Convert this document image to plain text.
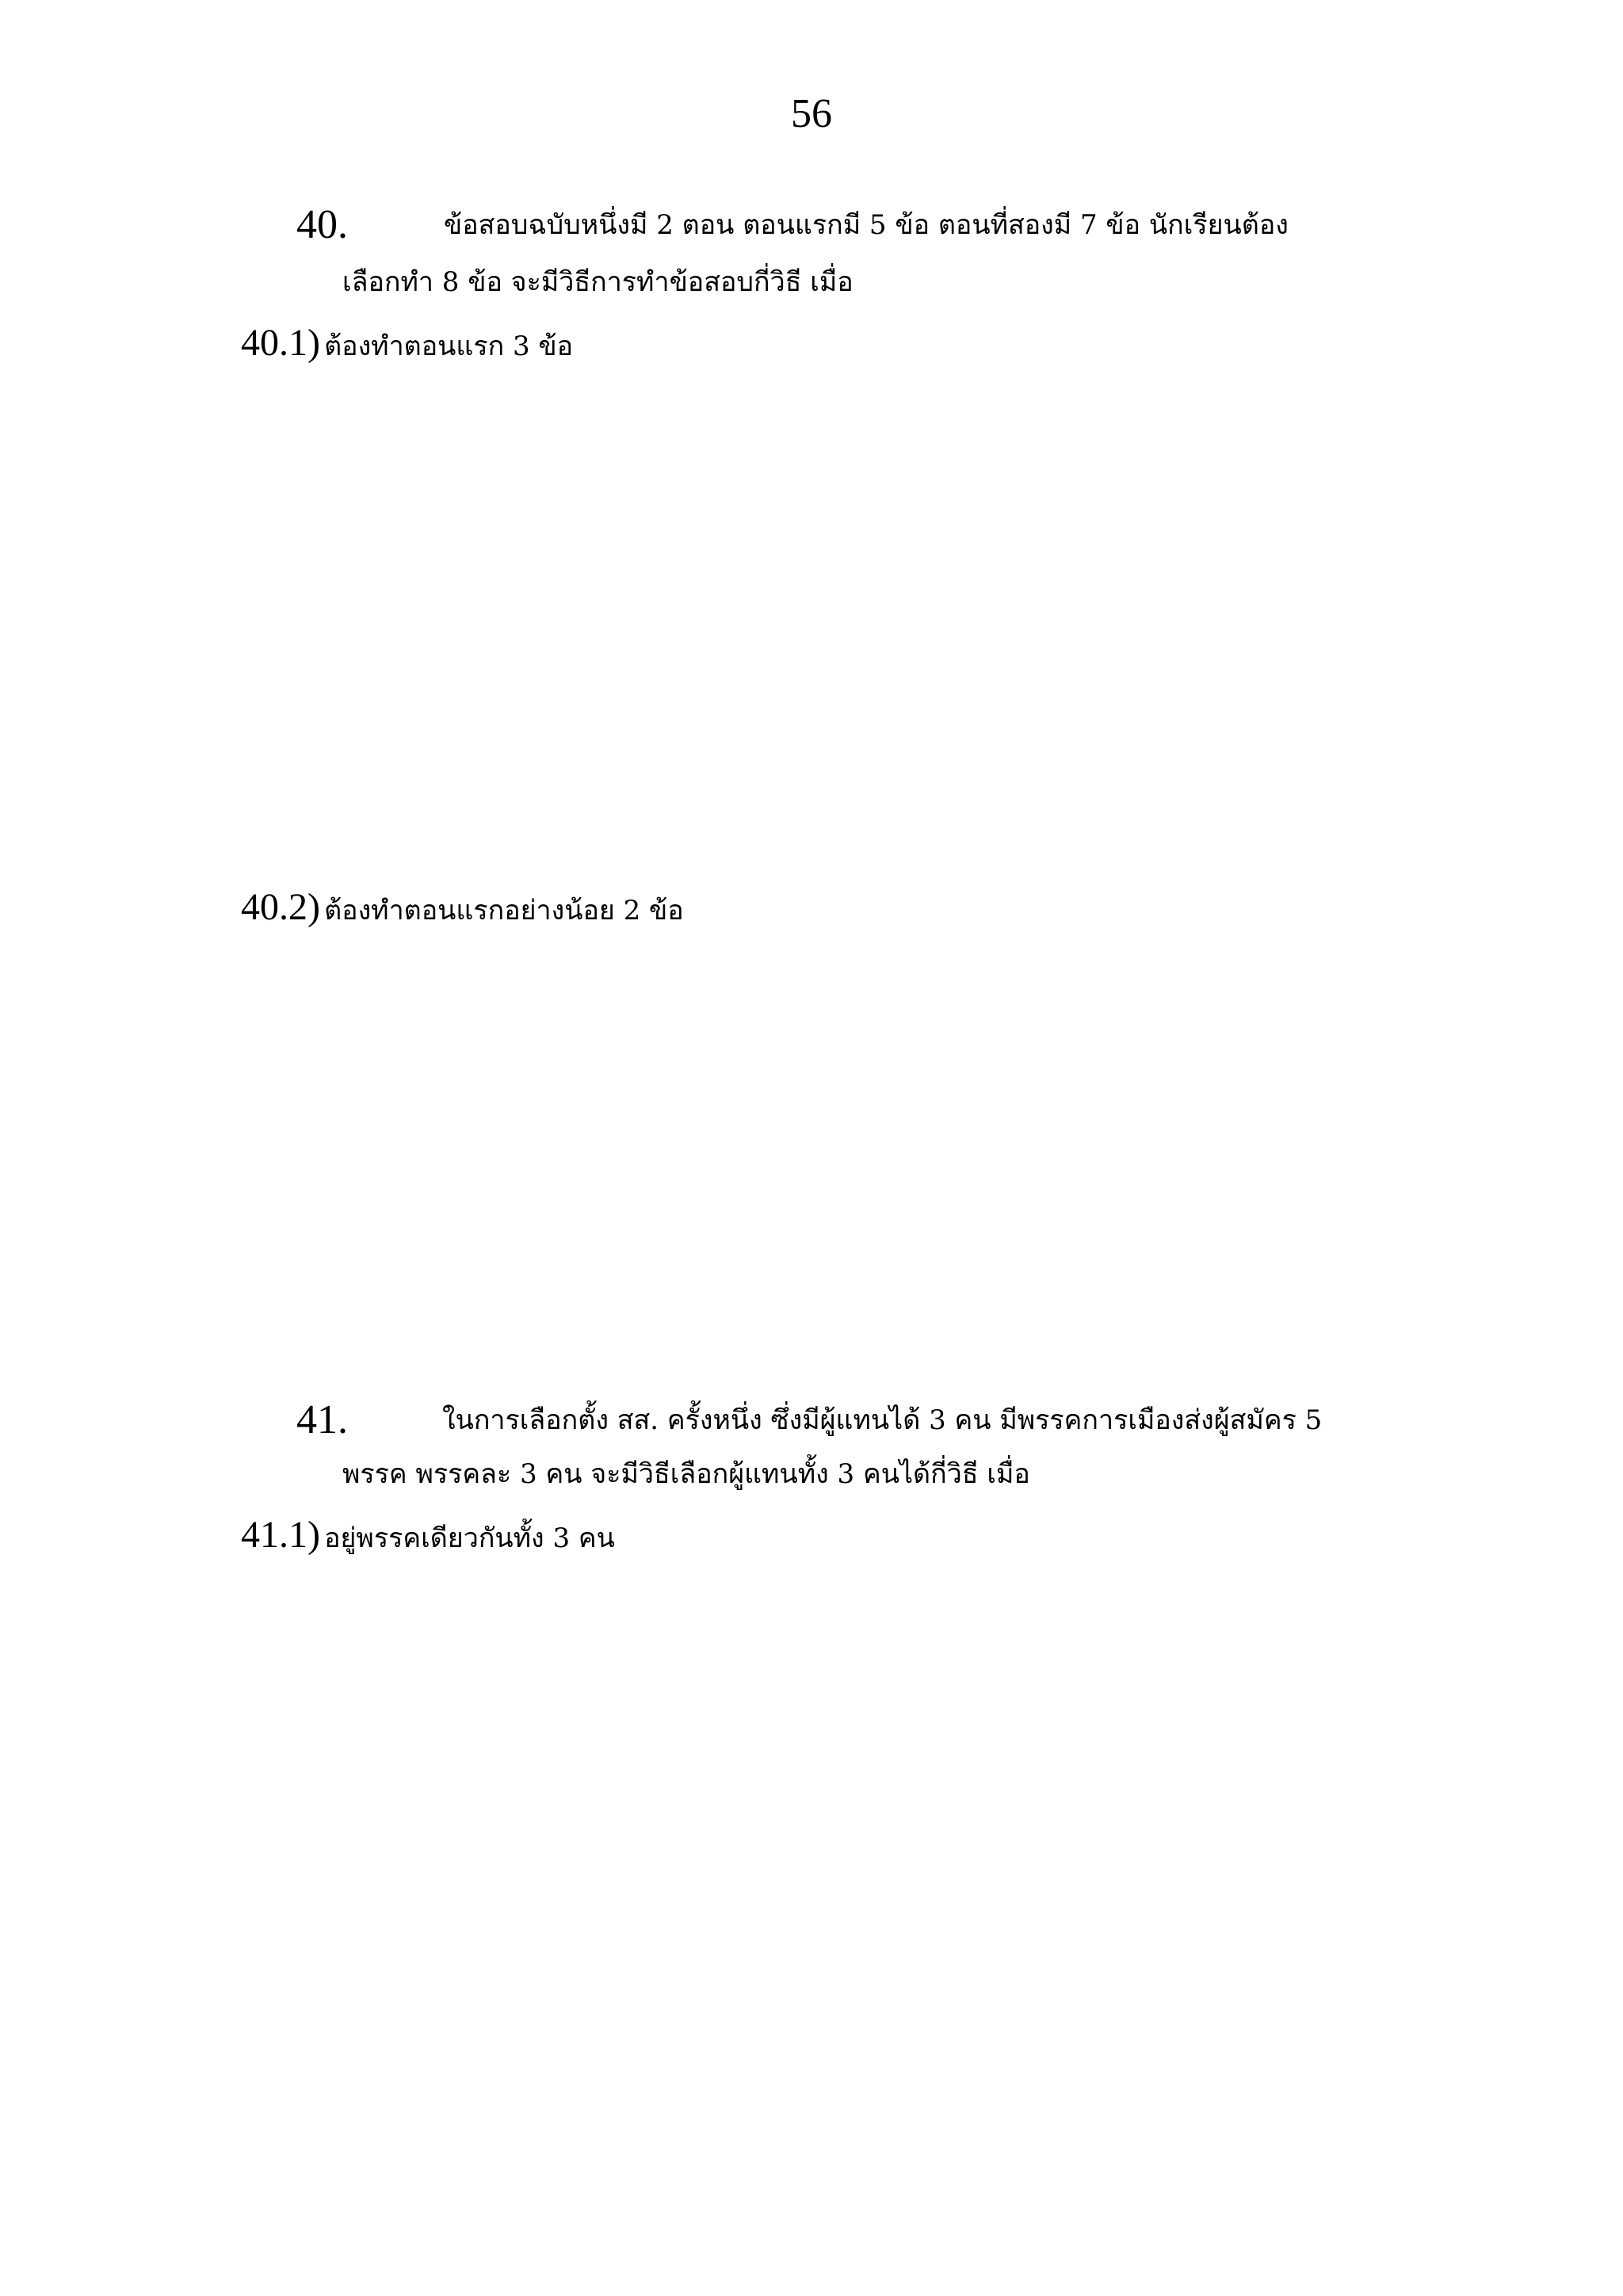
56
40.	ข้อสอบฉบับหนึ่งมี 2 ตอน ตอนแรกมี 5 ข้อ ตอนที่สองมี 7 ข้อ นักเรียนต้อง
เลือกทำ 8 ข้อ จะมีวิธีการทำข้อสอบกี่วิธี เมื่อ
40.1) ต้องทำตอนแรก 3 ข้อ
40.2) ต้องทำตอนแรกอย่างน้อย 2 ข้อ
41.	ในการเลือกตั้ง สส. ครั้งหนึ่ง ซึ่งมีผู้แทนได้ 3 คน มีพรรคการเมืองส่งผู้สมัคร 5
พรรค พรรคละ 3 คน จะมีวิธีเลือกผู้แทนทั้ง 3 คนได้กี่วิธี เมื่อ
41.1) อยู่พรรคเดียวกันทั้ง 3 คน
